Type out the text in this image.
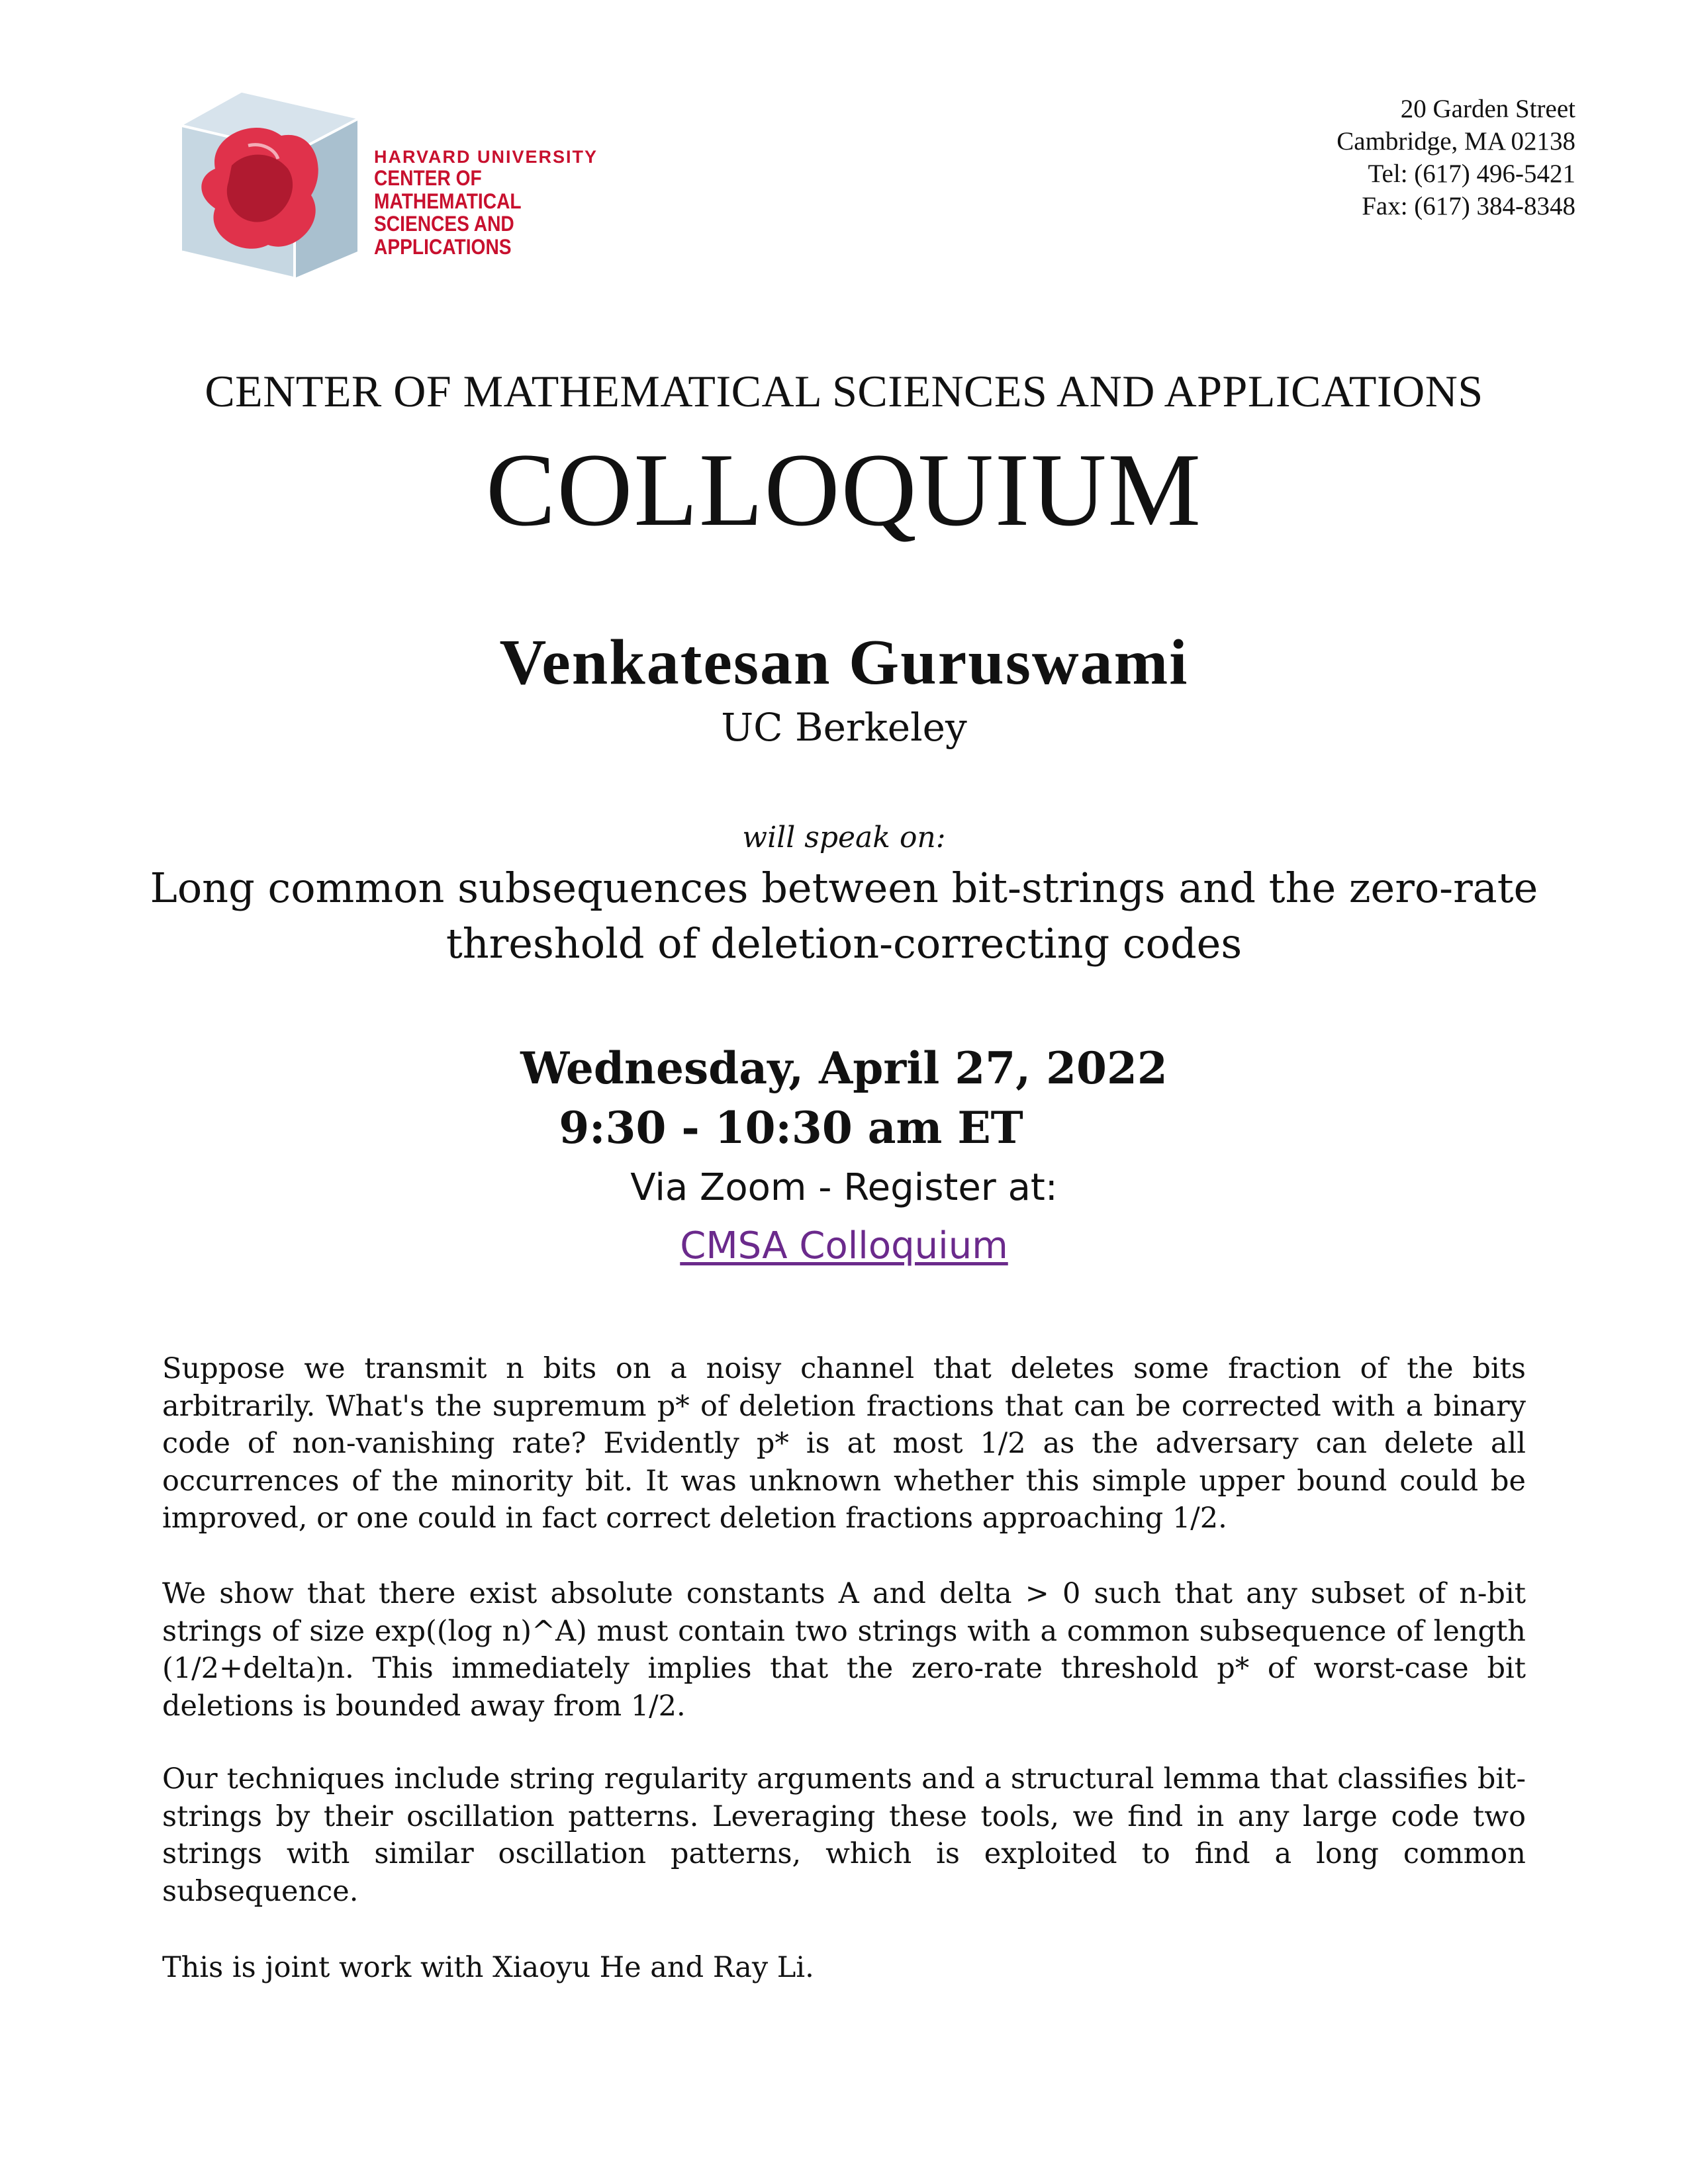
HARVARD UNIVERSITY
CENTER OF MATHEMATICAL
SCIENCES AND APPLICATIONS
20 Garden Street
Cambridge, MA 02138
Tel: (617) 496-5421
Fax: (617) 384-8348
CENTER OF MATHEMATICAL SCIENCES AND APPLICATIONS
COLLOQUIUM
Venkatesan Guruswami
UC Berkeley
will speak on:
Long common subsequences between bit-strings and the zero-rate
threshold of deletion-correcting codes
Wednesday, April 27, 2022
9:30 - 10:30 am ET
Via Zoom - Register at:
CMSA Colloquium
Suppose we transmit n bits on a noisy channel that deletes some fraction of the bits arbitrarily. What's the supremum p* of deletion fractions that can be corrected with a binary code of non-vanishing rate? Evidently p* is at most 1/2 as the adversary can delete all occurrences of the minority bit. It was unknown whether this simple upper bound could be improved, or one could in fact correct deletion fractions approaching 1/2.
We show that there exist absolute constants A and delta > 0 such that any subset of n-bit strings of size exp((log n)^A) must contain two strings with a common subsequence of length (1/2+delta)n. This immediately implies that the zero-rate threshold p* of worst-case bit deletions is bounded away from 1/2.
Our techniques include string regularity arguments and a structural lemma that classifies bit-strings by their oscillation patterns. Leveraging these tools, we find in any large code two strings with similar oscillation patterns, which is exploited to find a long common subsequence.
This is joint work with Xiaoyu He and Ray Li.
